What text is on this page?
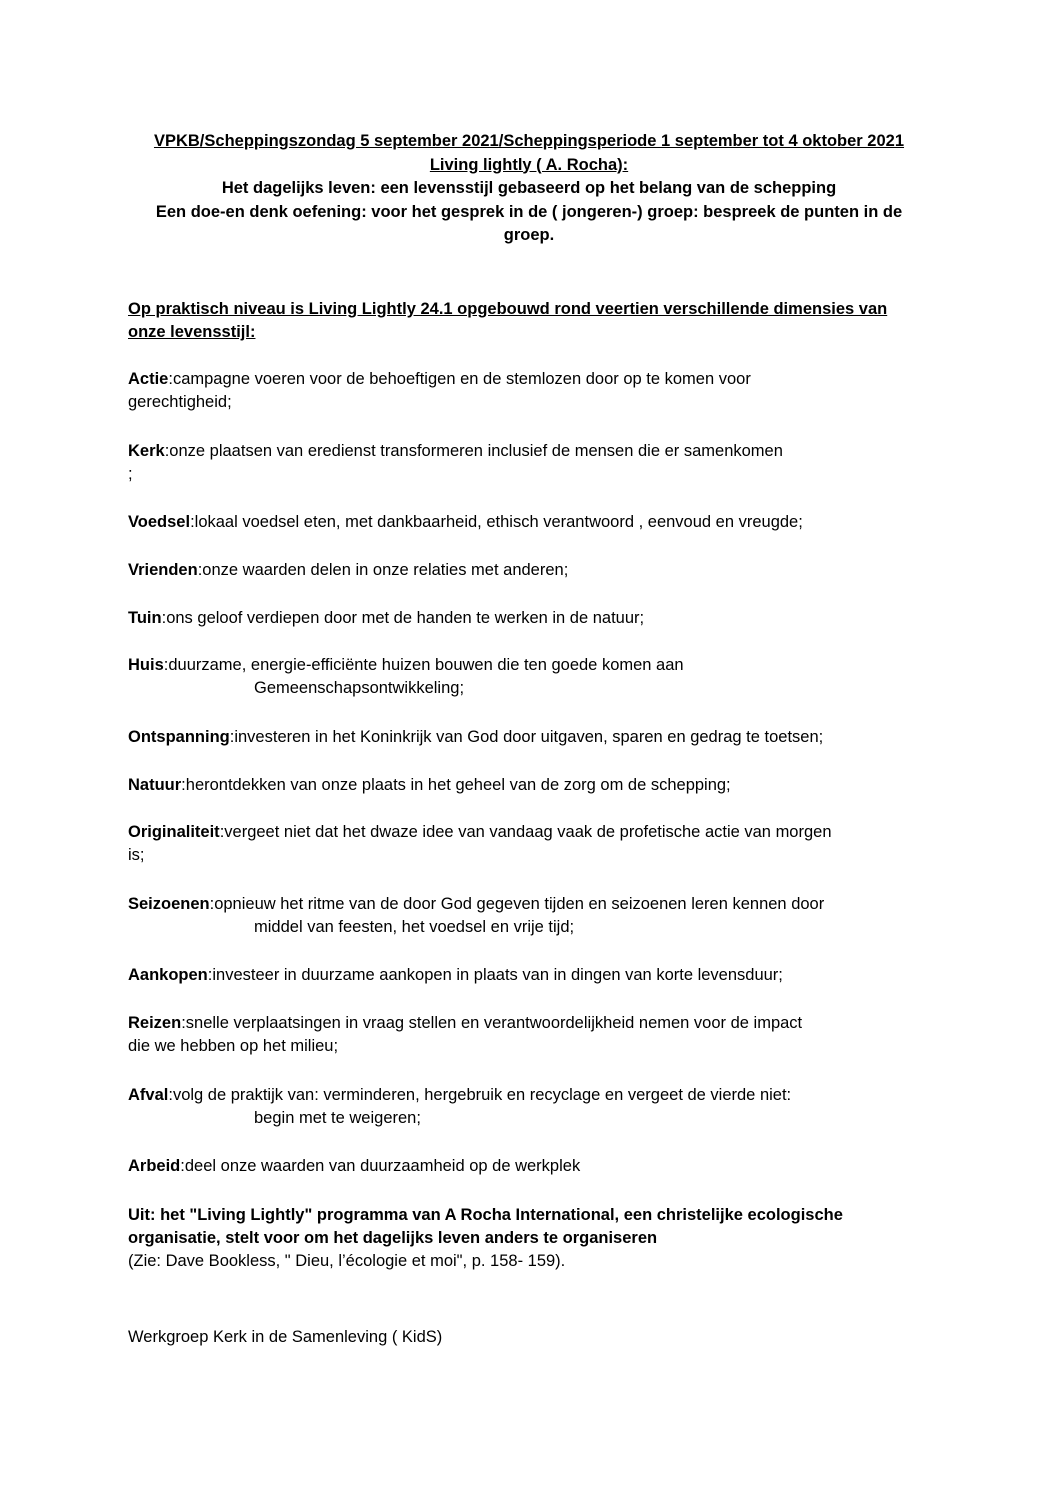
VPKB/Scheppingszondag 5 september 2021/Scheppingsperiode 1 september tot 4 oktober 2021
Living lightly ( A. Rocha):
Het dagelijks leven: een levensstijl gebaseerd op het belang van de schepping
Een doe-en denk oefening: voor het gesprek in de ( jongeren-) groep: bespreek de punten in de
groep.
Op praktisch niveau is Living Lightly 24.1 opgebouwd rond veertien verschillende dimensies van
onze levensstijl:
Actie: campagne voeren voor de behoeftigen en de stemlozen door op te komen voor
gerechtigheid;
Kerk: onze plaatsen van eredienst transformeren inclusief de mensen die er samenkomen
;
Voedsel: lokaal voedsel eten, met dankbaarheid, ethisch verantwoord , eenvoud en vreugde;
Vrienden: onze waarden delen in onze relaties met anderen;
Tuin: ons geloof verdiepen door met de handen te werken in de natuur;
Huis: duurzame, energie-efficiënte huizen bouwen die ten goede komen aan
Gemeenschapsontwikkeling;
Ontspanning: investeren in het Koninkrijk van God door uitgaven, sparen en gedrag te toetsen;
Natuur: herontdekken van onze plaats in het geheel van de zorg om de schepping;
Originaliteit: vergeet niet dat het dwaze idee van vandaag vaak de profetische actie van morgen
is;
Seizoenen: opnieuw het ritme van de door God gegeven tijden en seizoenen leren kennen door
middel van feesten, het voedsel en vrije tijd;
Aankopen: investeer in duurzame aankopen in plaats van in dingen van korte levensduur;
Reizen: snelle verplaatsingen in vraag stellen en verantwoordelijkheid nemen voor de impact
die we hebben op het milieu;
Afval: volg de praktijk van: verminderen, hergebruik en recyclage en vergeet de vierde niet:
begin met te weigeren;
Arbeid: deel onze waarden van duurzaamheid op de werkplek
Uit: het "Living Lightly" programma van A Rocha International, een christelijke ecologische
organisatie, stelt voor om het dagelijks leven anders te organiseren
(Zie: Dave Bookless, " Dieu, l’écologie et moi", p. 158- 159).
Werkgroep Kerk in de Samenleving ( KidS)
